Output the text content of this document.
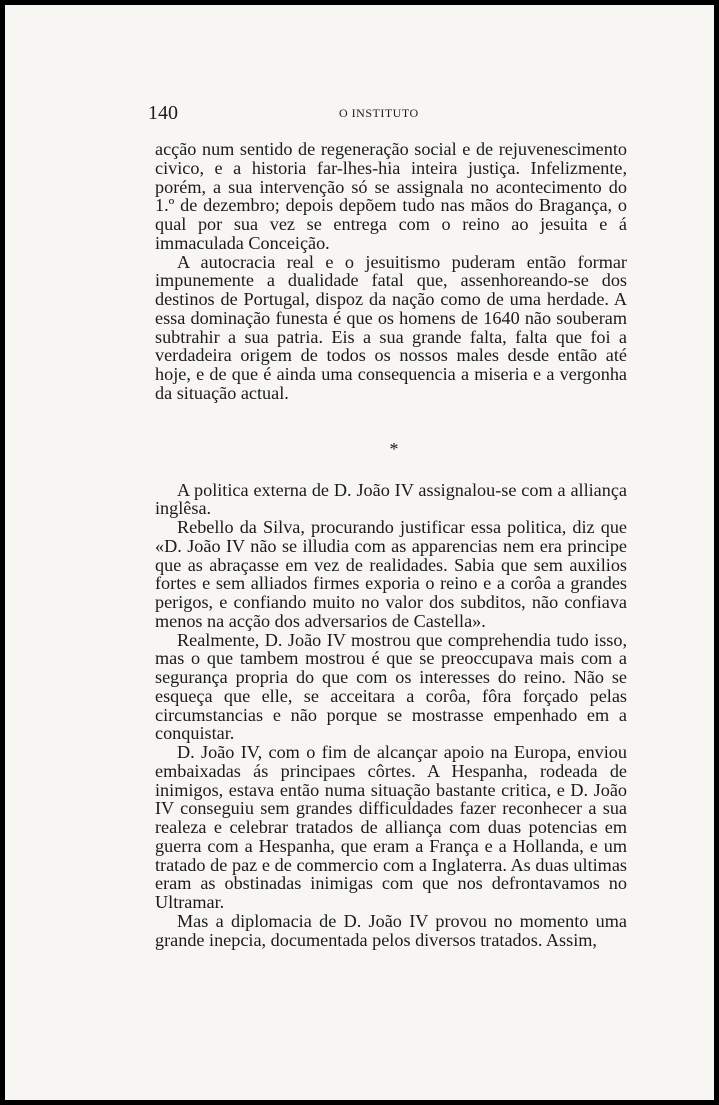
140	O INSTITUTO

acção num sentido de regeneração social e de rejuvenescimento civico, e a historia far-lhes-hia inteira justiça. Infelizmente, porém, a sua intervenção só se assignala no acontecimento do 1.º de dezembro; depois depõem tudo nas mãos do Bragança, o qual por sua vez se entrega com o reino ao jesuita e á immaculada Conceição.

A autocracia real e o jesuitismo puderam então formar impunemente a dualidade fatal que, assenhoreando-se dos destinos de Portugal, dispoz da nação como de uma herdade. A essa dominação funesta é que os homens de 1640 não souberam subtrahir a sua patria. Eis a sua grande falta, falta que foi a verdadeira origem de todos os nossos males desde então até hoje, e de que é ainda uma consequencia a miseria e a vergonha da situação actual.

*

A politica externa de D. João IV assignalou-se com a alliança inglêsa.

Rebello da Silva, procurando justificar essa politica, diz que «D. João IV não se illudia com as apparencias nem era principe que as abraçasse em vez de realidades. Sabia que sem auxilios fortes e sem alliados firmes exporia o reino e a corôa a grandes perigos, e confiando muito no valor dos subditos, não confiava menos na acção dos adversarios de Castella».

Realmente, D. João IV mostrou que comprehendia tudo isso, mas o que tambem mostrou é que se preoccupava mais com a segurança propria do que com os interesses do reino. Não se esqueça que elle, se acceitara a corôa, fôra forçado pelas circumstancias e não porque se mostrasse empenhado em a conquistar.

D. João IV, com o fim de alcançar apoio na Europa, enviou embaixadas ás principaes côrtes. A Hespanha, rodeada de inimigos, estava então numa situação bastante critica, e D. João IV conseguiu sem grandes difficuldades fazer reconhecer a sua realeza e celebrar tratados de alliança com duas potencias em guerra com a Hespanha, que eram a França e a Hollanda, e um tratado de paz e de commercio com a Inglaterra. As duas ultimas eram as obstinadas inimigas com que nos defrontavamos no Ultramar.

Mas a diplomacia de D. João IV provou no momento uma grande inepcia, documentada pelos diversos tratados. Assim,
